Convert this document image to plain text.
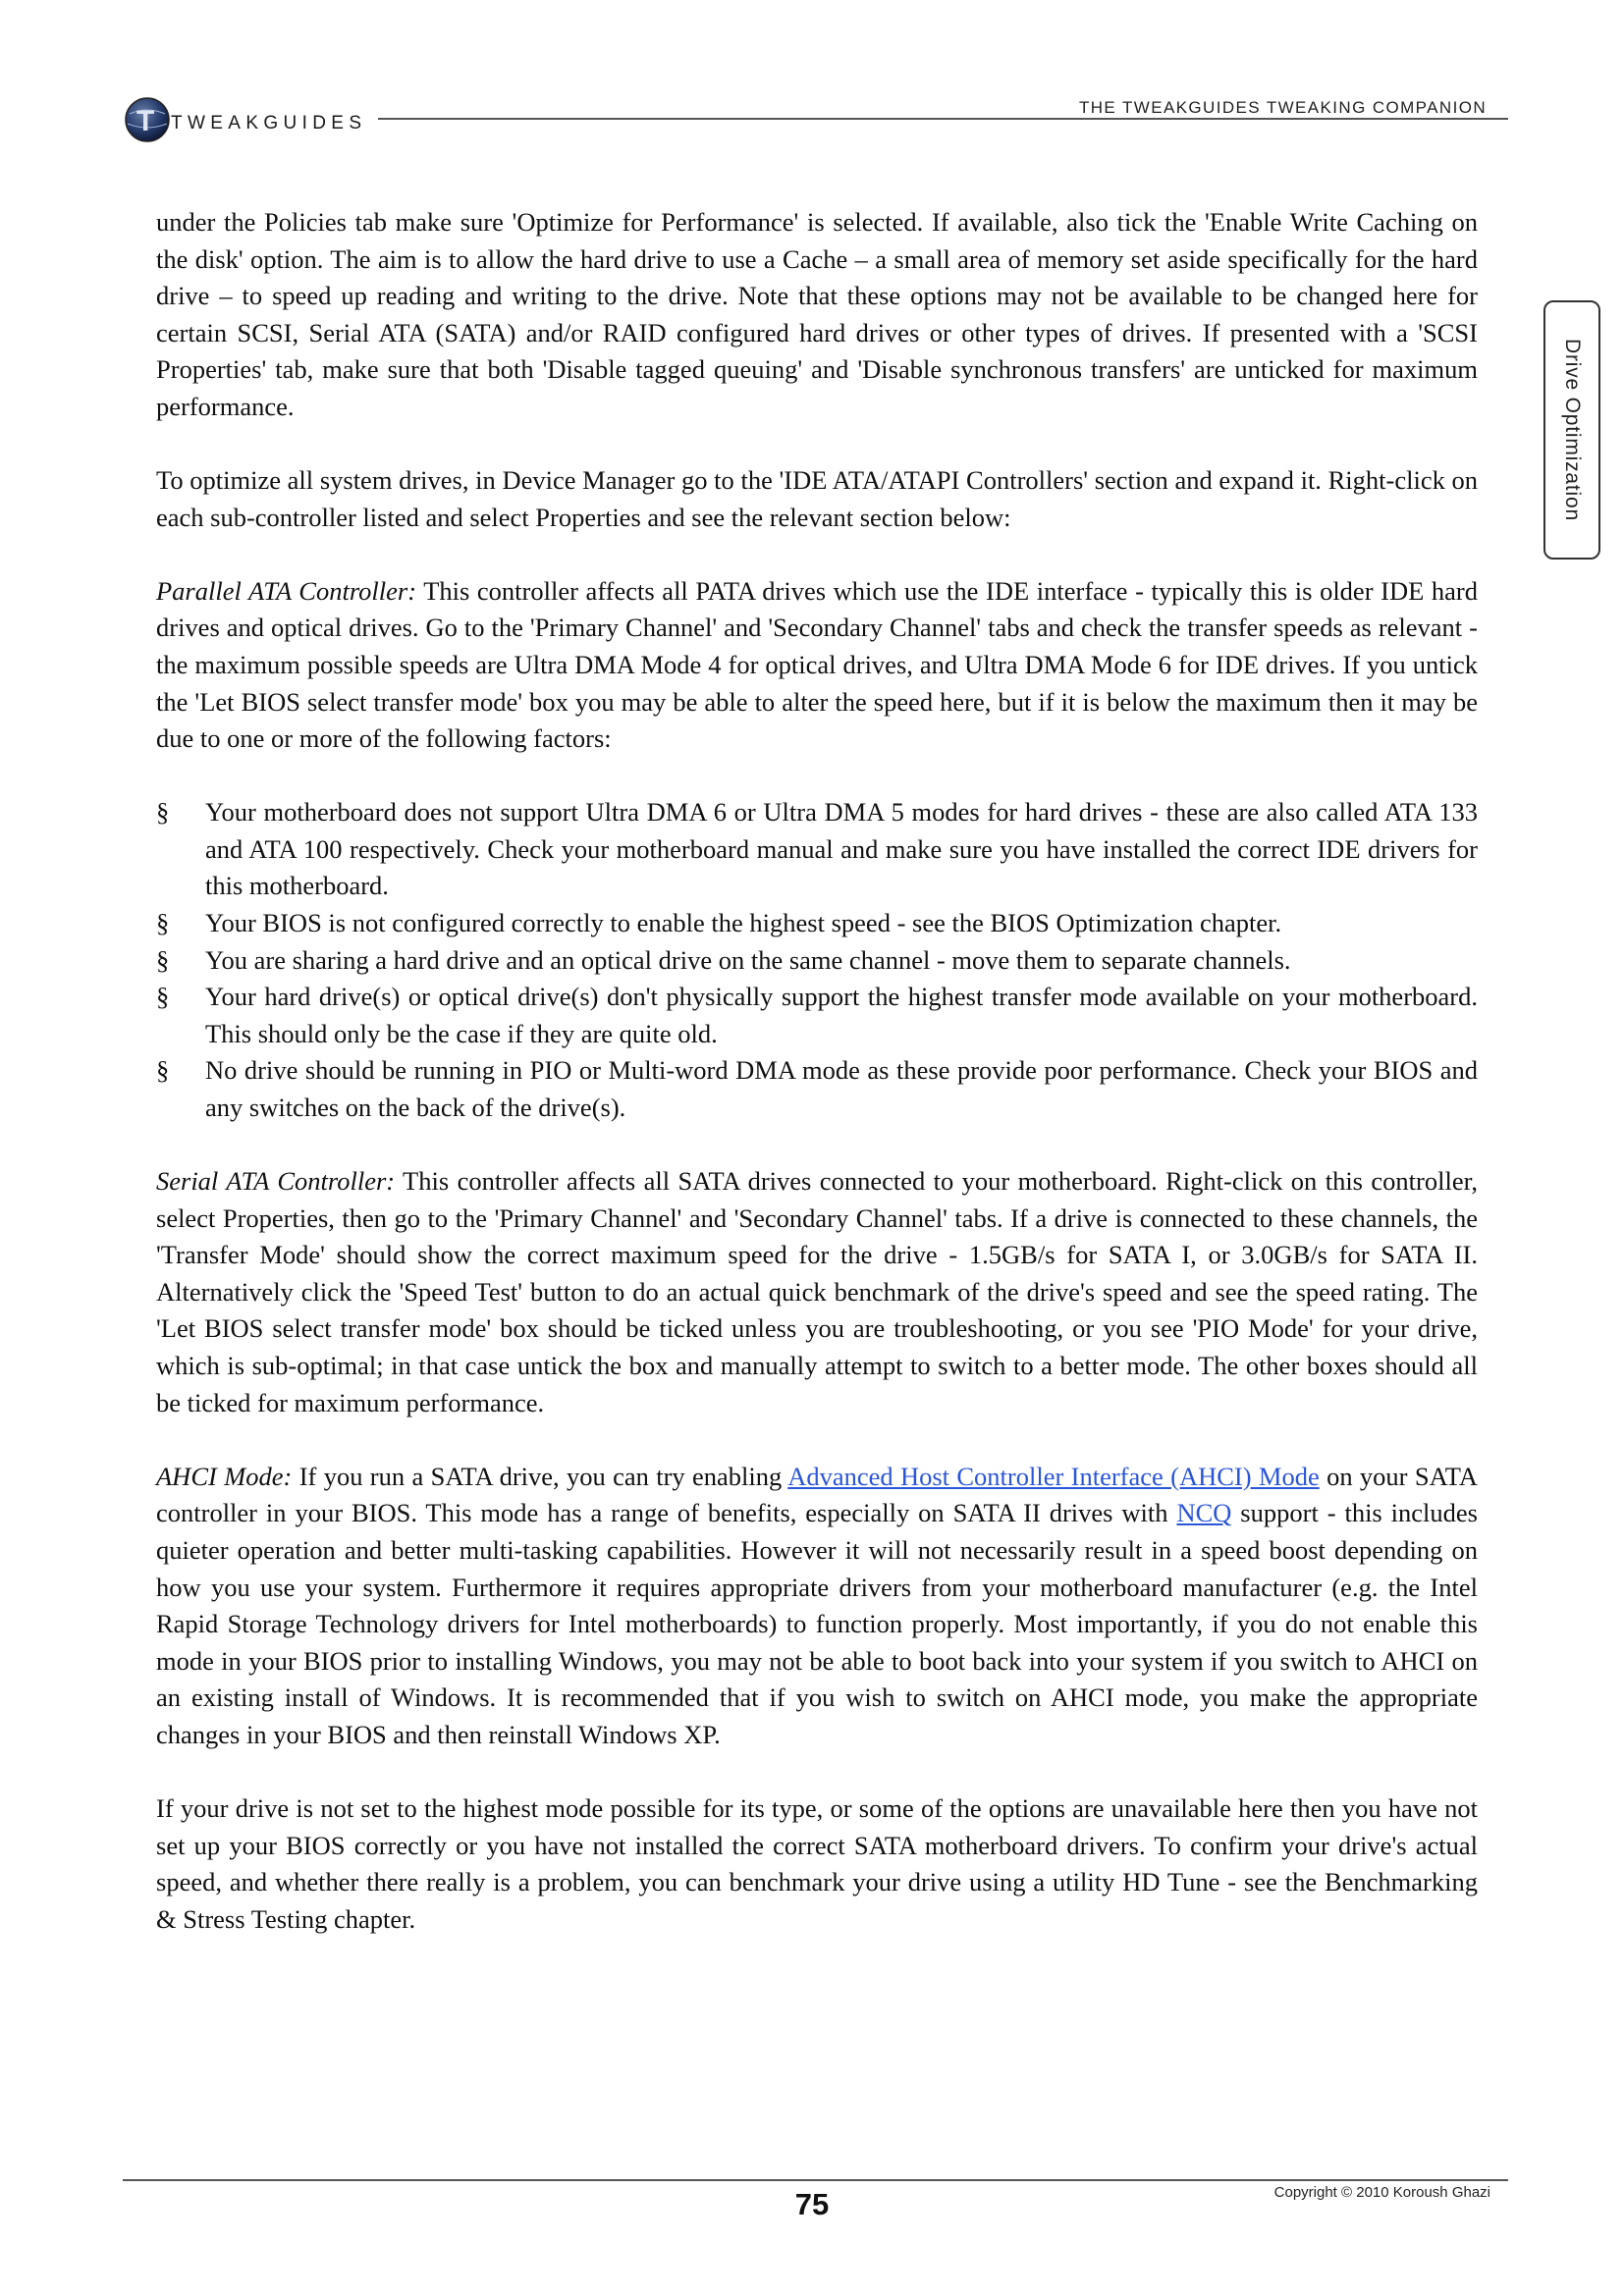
T TWEAKGUIDES
THE TWEAKGUIDES TWEAKING COMPANION
Drive Optimization

under the Policies tab make sure 'Optimize for Performance' is selected. If available, also tick the 'Enable Write Caching on the disk' option. The aim is to allow the hard drive to use a Cache – a small area of memory set aside specifically for the hard drive – to speed up reading and writing to the drive. Note that these options may not be available to be changed here for certain SCSI, Serial ATA (SATA) and/or RAID configured hard drives or other types of drives. If presented with a 'SCSI Properties' tab, make sure that both 'Disable tagged queuing' and 'Disable synchronous transfers' are unticked for maximum performance.

To optimize all system drives, in Device Manager go to the 'IDE ATA/ATAPI Controllers' section and expand it. Right-click on each sub-controller listed and select Properties and see the relevant section below:

Parallel ATA Controller: This controller affects all PATA drives which use the IDE interface - typically this is older IDE hard drives and optical drives. Go to the 'Primary Channel' and 'Secondary Channel' tabs and check the transfer speeds as relevant - the maximum possible speeds are Ultra DMA Mode 4 for optical drives, and Ultra DMA Mode 6 for IDE drives. If you untick the 'Let BIOS select transfer mode' box you may be able to alter the speed here, but if it is below the maximum then it may be due to one or more of the following factors:

§ Your motherboard does not support Ultra DMA 6 or Ultra DMA 5 modes for hard drives - these are also called ATA 133 and ATA 100 respectively. Check your motherboard manual and make sure you have installed the correct IDE drivers for this motherboard.
§ Your BIOS is not configured correctly to enable the highest speed - see the BIOS Optimization chapter.
§ You are sharing a hard drive and an optical drive on the same channel - move them to separate channels.
§ Your hard drive(s) or optical drive(s) don't physically support the highest transfer mode available on your motherboard. This should only be the case if they are quite old.
§ No drive should be running in PIO or Multi-word DMA mode as these provide poor performance. Check your BIOS and any switches on the back of the drive(s).

Serial ATA Controller: This controller affects all SATA drives connected to your motherboard. Right-click on this controller, select Properties, then go to the 'Primary Channel' and 'Secondary Channel' tabs. If a drive is connected to these channels, the 'Transfer Mode' should show the correct maximum speed for the drive - 1.5GB/s for SATA I, or 3.0GB/s for SATA II. Alternatively click the 'Speed Test' button to do an actual quick benchmark of the drive's speed and see the speed rating. The 'Let BIOS select transfer mode' box should be ticked unless you are troubleshooting, or you see 'PIO Mode' for your drive, which is sub-optimal; in that case untick the box and manually attempt to switch to a better mode. The other boxes should all be ticked for maximum performance.

AHCI Mode: If you run a SATA drive, you can try enabling Advanced Host Controller Interface (AHCI) Mode on your SATA controller in your BIOS. This mode has a range of benefits, especially on SATA II drives with NCQ support - this includes quieter operation and better multi-tasking capabilities. However it will not necessarily result in a speed boost depending on how you use your system. Furthermore it requires appropriate drivers from your motherboard manufacturer (e.g. the Intel Rapid Storage Technology drivers for Intel motherboards) to function properly. Most importantly, if you do not enable this mode in your BIOS prior to installing Windows, you may not be able to boot back into your system if you switch to AHCI on an existing install of Windows. It is recommended that if you wish to switch on AHCI mode, you make the appropriate changes in your BIOS and then reinstall Windows XP.

If your drive is not set to the highest mode possible for its type, or some of the options are unavailable here then you have not set up your BIOS correctly or you have not installed the correct SATA motherboard drivers. To confirm your drive's actual speed, and whether there really is a problem, you can benchmark your drive using a utility HD Tune - see the Benchmarking & Stress Testing chapter.

75	Copyright © 2010 Koroush Ghazi
